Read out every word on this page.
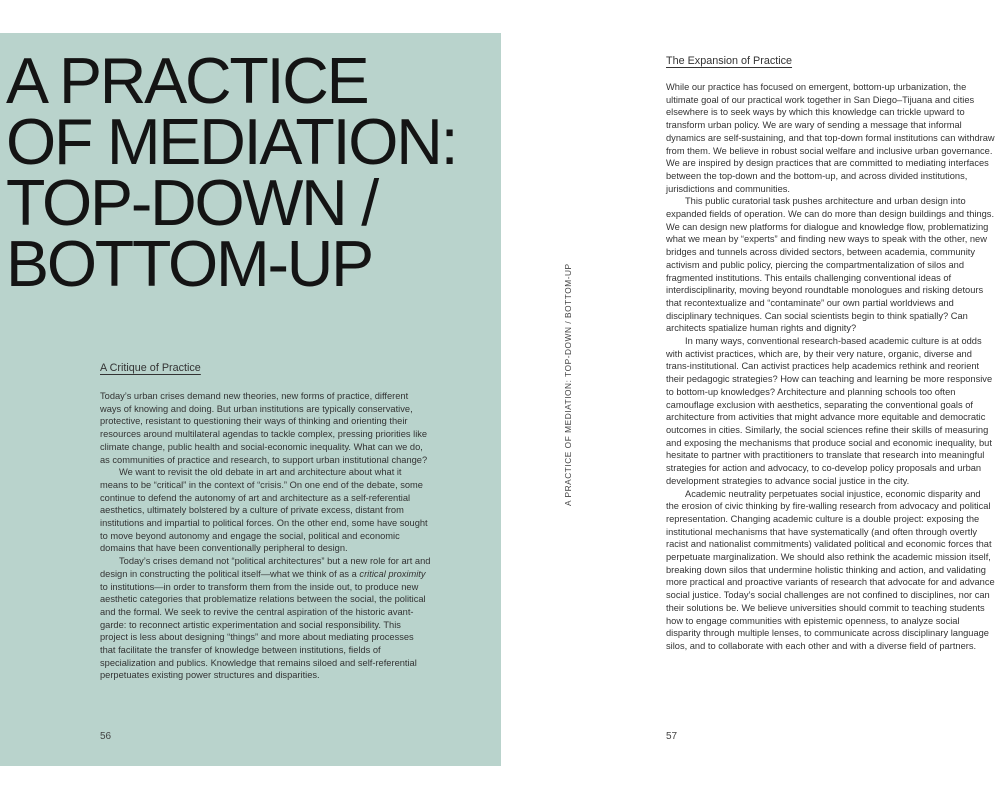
A PRACTICE
OF MEDIATION:
TOP-DOWN /
BOTTOM-UP
A Critique of Practice

Today’s urban crises demand new theories, new forms of practice, different ways of knowing and doing. But urban institutions are typically conservative, protective, resistant to questioning their ways of thinking and orienting their resources around multilateral agendas to tackle complex, pressing priorities like climate change, public health and social-economic inequality. What can we do, as communities of practice and research, to support urban institutional change?

We want to revisit the old debate in art and architecture about what it means to be “critical” in the context of “crisis.” On one end of the debate, some continue to defend the autonomy of art and architecture as a self-referential aesthetics, ultimately bolstered by a culture of private excess, distant from institutions and impartial to political forces. On the other end, some have sought to move beyond autonomy and engage the social, political and economic domains that have been conventionally peripheral to design.

Today’s crises demand not “political architectures” but a new role for art and design in constructing the political itself—what we think of as a critical proximity to institutions—in order to transform them from the inside out, to produce new aesthetic categories that problematize relations between the social, the political and the formal. We seek to revive the central aspiration of the historic avant-garde: to reconnect artistic experimentation and social responsibility. This project is less about designing “things” and more about mediating processes that facilitate the transfer of knowledge between institutions, fields of specialization and publics. Knowledge that remains siloed and self-referential perpetuates existing power structures and disparities.

56
A PRACTICE OF MEDIATION: TOP-DOWN / BOTTOM-UP
The Expansion of Practice

While our practice has focused on emergent, bottom-up urbanization, the ultimate goal of our practical work together in San Diego–Tijuana and cities elsewhere is to seek ways by which this knowledge can trickle upward to transform urban policy. We are wary of sending a message that informal dynamics are self-sustaining, and that top-down formal institutions can withdraw from them. We believe in robust social welfare and inclusive urban governance. We are inspired by design practices that are committed to mediating interfaces between the top-down and the bottom-up, and across divided institutions, jurisdictions and communities.

This public curatorial task pushes architecture and urban design into expanded fields of operation. We can do more than design buildings and things. We can design new platforms for dialogue and knowledge flow, problematizing what we mean by “experts” and finding new ways to speak with the other, new bridges and tunnels across divided sectors, between academia, community activism and public policy, piercing the compartmentalization of silos and fragmented institutions. This entails challenging conventional ideas of interdisciplinarity, moving beyond roundtable monologues and risking detours that recontextualize and “contaminate” our own partial worldviews and disciplinary techniques. Can social scientists begin to think spatially? Can architects spatialize human rights and dignity?

In many ways, conventional research-based academic culture is at odds with activist practices, which are, by their very nature, organic, diverse and trans-institutional. Can activist practices help academics rethink and reorient their pedagogic strategies? How can teaching and learning be more responsive to bottom-up knowledges? Architecture and planning schools too often camouflage exclusion with aesthetics, separating the conventional goals of architecture from activities that might advance more equitable and democratic outcomes in cities. Similarly, the social sciences refine their skills of measuring and exposing the mechanisms that produce social and economic inequality, but hesitate to partner with practitioners to translate that research into meaningful strategies for action and advocacy, to co-develop policy proposals and urban development strategies to advance social justice in the city.

Academic neutrality perpetuates social injustice, economic disparity and the erosion of civic thinking by fire-walling research from advocacy and political representation. Changing academic culture is a double project: exposing the institutional mechanisms that have systematically (and often through overtly racist and nationalist commitments) validated political and economic forces that perpetuate marginalization. We should also rethink the academic mission itself, breaking down silos that undermine holistic thinking and action, and validating more practical and proactive variants of research that advocate for and advance social justice. Today’s social challenges are not confined to disciplines, nor can their solutions be. We believe universities should commit to teaching students how to engage communities with epistemic openness, to analyze social disparity through multiple lenses, to communicate across disciplinary language silos, and to collaborate with each other and with a diverse field of partners.

57
